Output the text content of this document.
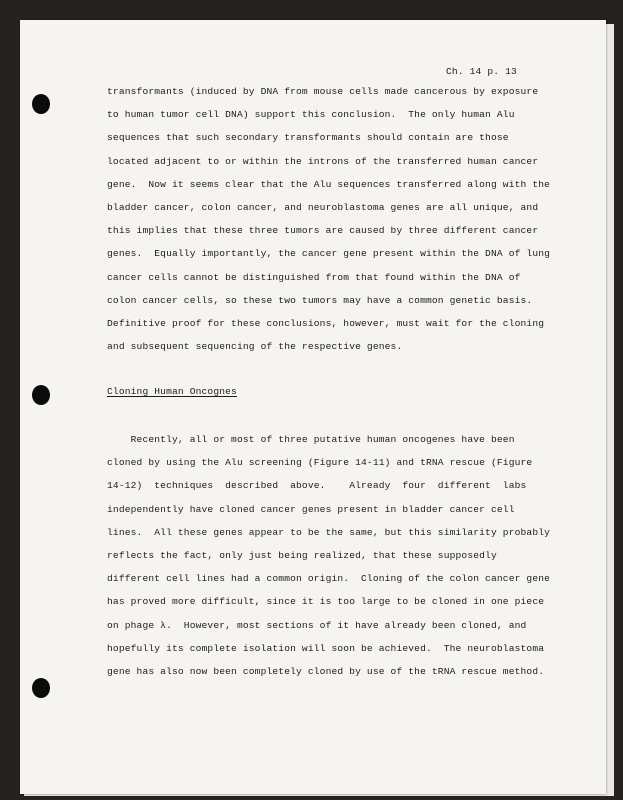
Ch. 14 p. 13
transformants (induced by DNA from mouse cells made cancerous by exposure
to human tumor cell DNA) support this conclusion.  The only human Alu
sequences that such secondary transformants should contain are those
located adjacent to or within the introns of the transferred human cancer
gene.  Now it seems clear that the Alu sequences transferred along with the
bladder cancer, colon cancer, and neuroblastoma genes are all unique, and
this implies that these three tumors are caused by three different cancer
genes.  Equally importantly, the cancer gene present within the DNA of lung
cancer cells cannot be distinguished from that found within the DNA of
colon cancer cells, so these two tumors may have a common genetic basis.
Definitive proof for these conclusions, however, must wait for the cloning
and subsequent sequencing of the respective genes.
Cloning Human Oncognes
Recently, all or most of three putative human oncogenes have been
cloned by using the Alu screening (Figure 14-11) and tRNA rescue (Figure
14-12)  techniques  described  above.    Already  four  different  labs
independently have cloned cancer genes present in bladder cancer cell
lines.  All these genes appear to be the same, but this similarity probably
reflects the fact, only just being realized, that these supposedly
different cell lines had a common origin.  Cloning of the colon cancer gene
has proved more difficult, since it is too large to be cloned in one piece
on phage λ.  However, most sections of it have already been cloned, and
hopefully its complete isolation will soon be achieved.  The neuroblastoma
gene has also now been completely cloned by use of the tRNA rescue method.
